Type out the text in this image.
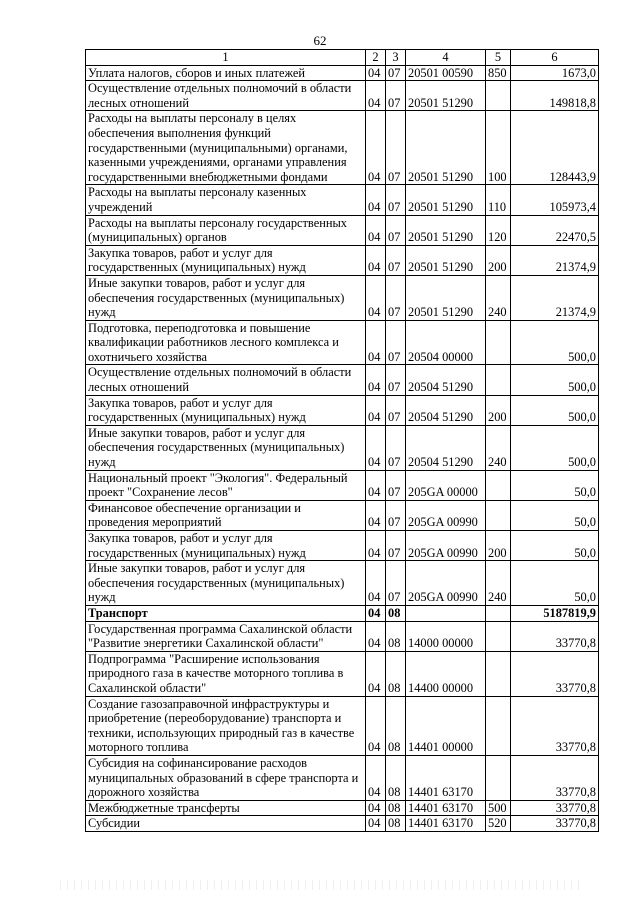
62
1	2	3	4	5	6
Уплата налогов, сборов и иных платежей	04	07	20501 00590	850	1673,0
Осуществление отдельных полномочий в области лесных отношений	04	07	20501 51290		149818,8
Расходы на выплаты персоналу в целях обеспечения выполнения функций государственными (муниципальными) органами, казенными учреждениями, органами управления государственными внебюджетными фондами	04	07	20501 51290	100	128443,9
Расходы на выплаты персоналу казенных учреждений	04	07	20501 51290	110	105973,4
Расходы на выплаты персоналу государственных (муниципальных) органов	04	07	20501 51290	120	22470,5
Закупка товаров, работ и услуг для государственных (муниципальных) нужд	04	07	20501 51290	200	21374,9
Иные закупки товаров, работ и услуг для обеспечения государственных (муниципальных) нужд	04	07	20501 51290	240	21374,9
Подготовка, переподготовка и повышение квалификации работников лесного комплекса и охотничьего хозяйства	04	07	20504 00000		500,0
Осуществление отдельных полномочий в области лесных отношений	04	07	20504 51290		500,0
Закупка товаров, работ и услуг для государственных (муниципальных) нужд	04	07	20504 51290	200	500,0
Иные закупки товаров, работ и услуг для обеспечения государственных (муниципальных) нужд	04	07	20504 51290	240	500,0
Национальный проект "Экология". Федеральный проект "Сохранение лесов"	04	07	205GA 00000		50,0
Финансовое обеспечение организации и проведения мероприятий	04	07	205GA 00990		50,0
Закупка товаров, работ и услуг для государственных (муниципальных) нужд	04	07	205GA 00990	200	50,0
Иные закупки товаров, работ и услуг для обеспечения государственных (муниципальных) нужд	04	07	205GA 00990	240	50,0
Транспорт	04	08			5187819,9
Государственная программа Сахалинской области "Развитие энергетики Сахалинской области"	04	08	14000 00000		33770,8
Подпрограмма "Расширение использования природного газа в качестве моторного топлива в Сахалинской области"	04	08	14400 00000		33770,8
Создание газозаправочной инфраструктуры и приобретение (переоборудование) транспорта и техники, использующих природный газ в качестве моторного топлива	04	08	14401 00000		33770,8
Субсидия на софинансирование расходов муниципальных образований в сфере транспорта и дорожного хозяйства	04	08	14401 63170		33770,8
Межбюджетные трансферты	04	08	14401 63170	500	33770,8
Субсидии	04	08	14401 63170	520	33770,8
